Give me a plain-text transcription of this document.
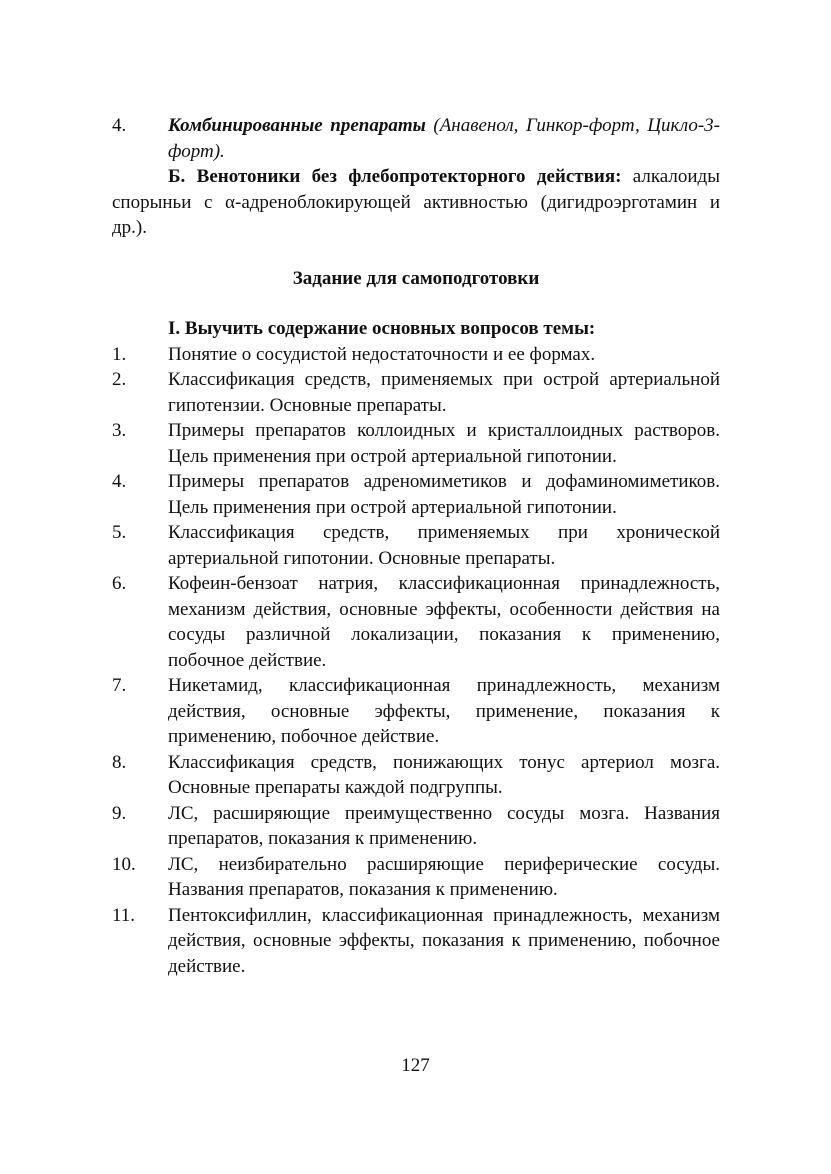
4.	Комбинированные препараты (Анавенол, Гинкор-форт, Цикло-3-форт).
Б. Венотоники без флебопротекторного действия: алкалоиды спорыньи с α-адреноблокирующей активностью (дигидроэрготамин и др.).
Задание для самоподготовки
I. Выучить содержание основных вопросов темы:
1.	Понятие о сосудистой недостаточности и ее формах.
2.	Классификация средств, применяемых при острой артериальной гипотензии. Основные препараты.
3.	Примеры препаратов коллоидных и кристаллоидных растворов. Цель применения при острой артериальной гипотонии.
4.	Примеры препаратов адреномиметиков и дофаминомиметиков. Цель применения при острой артериальной гипотонии.
5.	Классификация средств, применяемых при хронической артериальной гипотонии. Основные препараты.
6.	Кофеин-бензоат натрия, классификационная принадлежность, механизм действия, основные эффекты, особенности действия на сосуды различной локализации, показания к применению, побочное действие.
7.	Никетамид, классификационная принадлежность, механизм действия, основные эффекты, применение, показания к применению, побочное действие.
8.	Классификация средств, понижающих тонус артериол мозга. Основные препараты каждой подгруппы.
9.	ЛС, расширяющие преимущественно сосуды мозга. Названия препаратов, показания к применению.
10.	ЛС, неизбирательно расширяющие периферические сосуды. Названия препаратов, показания к применению.
11.	Пентоксифиллин, классификационная принадлежность, механизм действия, основные эффекты, показания к применению, побочное действие.
127
